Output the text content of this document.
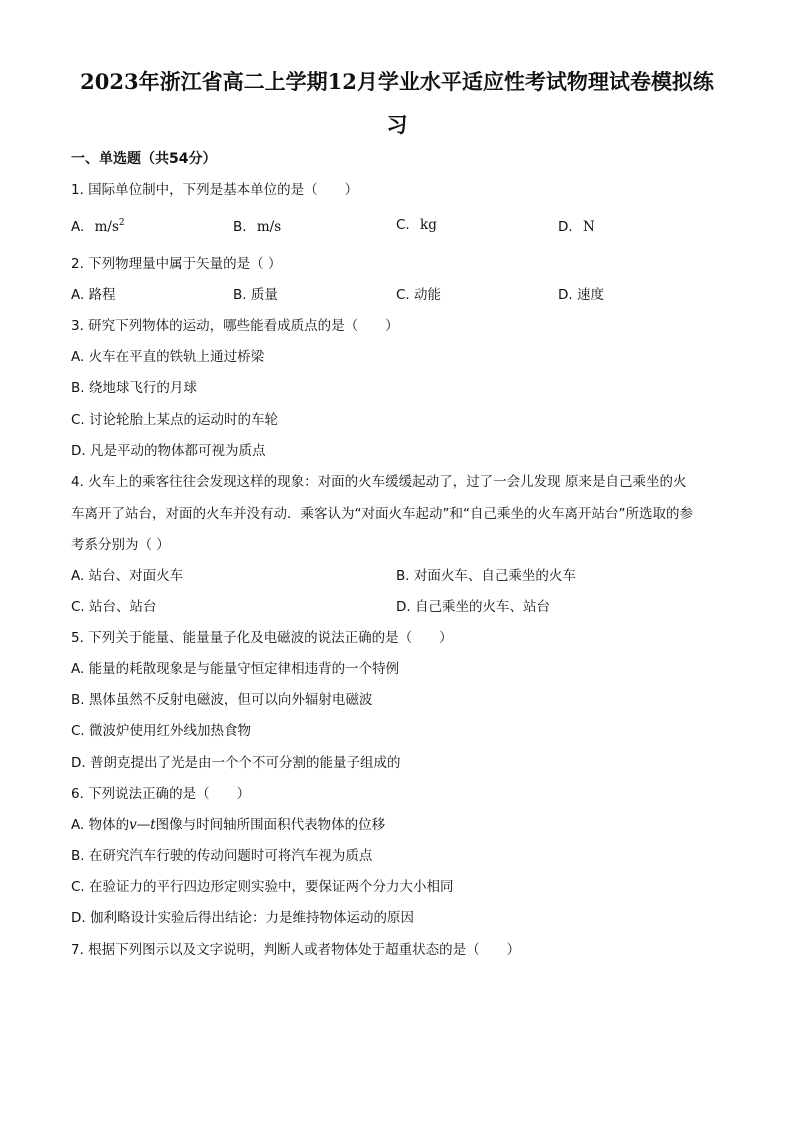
2023年浙江省高二上学期12月学业水平适应性考试物理试卷模拟练
习
一、单选题（共54分）
1. 国际单位制中，下列是基本单位的是（　　）
A. $m/s^2$	B. m/s	C. kg	D. N
2. 下列物理量中属于矢量的是（ ）
A. 路程	B. 质量	C. 动能	D. 速度
3. 研究下列物体的运动，哪些能看成质点的是（　　）
A. 火车在平直的铁轨上通过桥梁
B. 绕地球飞行的月球
C. 讨论轮胎上某点的运动时的车轮
D. 凡是平动的物体都可视为质点
4. 火车上的乘客往往会发现这样的现象：对面的火车缓缓起动了，过了一会儿发现 原来是自己乘坐的火
车离开了站台，对面的火车并没有动．乘客认为“对面火车起动”和“自己乘坐的火车离开站台”所选取的参
考系分别为（ ）
A. 站台、对面火车	B. 对面火车、自己乘坐的火车
C. 站台、站台	D. 自己乘坐的火车、站台
5. 下列关于能量、能量量子化及电磁波的说法正确的是（　　）
A. 能量的耗散现象是与能量守恒定律相违背的一个特例
B. 黑体虽然不反射电磁波，但可以向外辐射电磁波
C. 微波炉使用红外线加热食物
D. 普朗克提出了光是由一个个不可分割的能量子组成的
6. 下列说法正确的是（　　）
A. 物体的v—t图像与时间轴所围面积代表物体的位移
B. 在研究汽车行驶的传动问题时可将汽车视为质点
C. 在验证力的平行四边形定则实验中，要保证两个分力大小相同
D. 伽利略设计实验后得出结论：力是维持物体运动的原因
7. 根据下列图示以及文字说明，判断人或者物体处于超重状态的是（　　）
